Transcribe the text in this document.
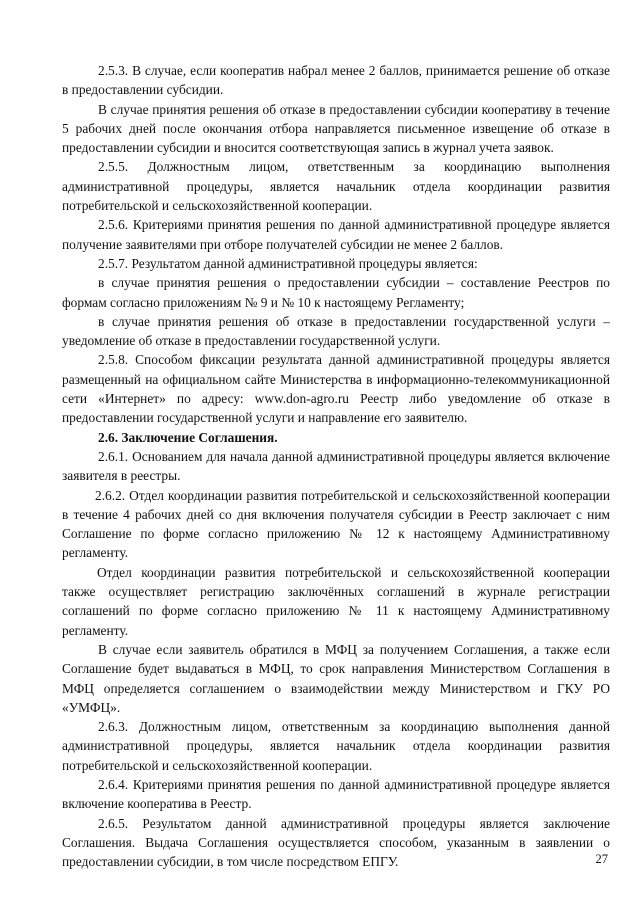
2.5.3. В случае, если кооператив набрал менее 2 баллов, принимается решение об отказе в предоставлении субсидии.

В случае принятия решения об отказе в предоставлении субсидии кооперативу в течение 5 рабочих дней после окончания отбора направляется письменное извещение об отказе в предоставлении субсидии и вносится соответствующая запись в журнал учета заявок.

2.5.5. Должностным лицом, ответственным за координацию выполнения административной процедуры, является начальник отдела координации развития потребительской и сельскохозяйственной кооперации.

2.5.6. Критериями принятия решения по данной административной процедуре является получение заявителями при отборе получателей субсидии не менее 2 баллов.

2.5.7. Результатом данной административной процедуры является:

в случае принятия решения о предоставлении субсидии – составление Реестров по формам согласно приложениям № 9 и № 10 к настоящему Регламенту;

в случае принятия решения об отказе в предоставлении государственной услуги – уведомление об отказе в предоставлении государственной услуги.

2.5.8. Способом фиксации результата данной административной процедуры является размещенный на официальном сайте Министерства в информационно-телекоммуникационной сети «Интернет» по адресу: www.don-agro.ru Реестр либо уведомление об отказе в предоставлении государственной услуги и направление его заявителю.

2.6. Заключение Соглашения.

2.6.1. Основанием для начала данной административной процедуры является включение заявителя в реестры.

2.6.2. Отдел координации развития потребительской и сельскохозяйственной кооперации в течение 4 рабочих дней со дня включения получателя субсидии в Реестр заключает с ним Соглашение по форме согласно приложению № 12 к настоящему Административному регламенту.

Отдел координации развития потребительской и сельскохозяйственной кооперации также осуществляет регистрацию заключённых соглашений в журнале регистрации соглашений по форме согласно приложению № 11 к настоящему Административному регламенту.

В случае если заявитель обратился в МФЦ за получением Соглашения, а также если Соглашение будет выдаваться в МФЦ, то срок направления Министерством Соглашения в МФЦ определяется соглашением о взаимодействии между Министерством и ГКУ РО «УМФЦ».

2.6.3. Должностным лицом, ответственным за координацию выполнения данной административной процедуры, является начальник отдела координации развития потребительской и сельскохозяйственной кооперации.

2.6.4. Критериями принятия решения по данной административной процедуре является включение кооператива в Реестр.

2.6.5. Результатом данной административной процедуры является заключение Соглашения. Выдача Соглашения осуществляется способом, указанным в заявлении о предоставлении субсидии, в том числе посредством ЕПГУ.	27
